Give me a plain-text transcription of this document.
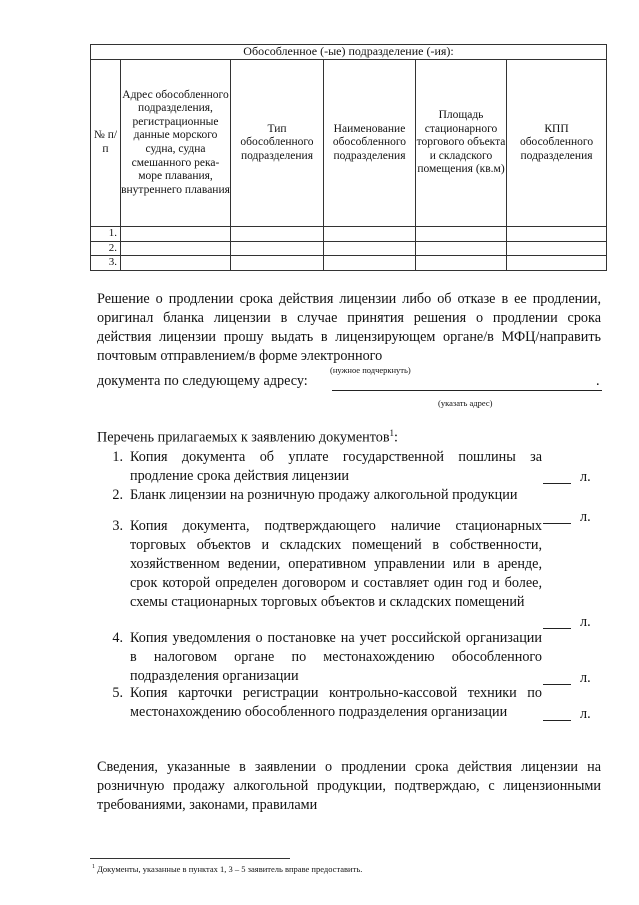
Обособленное (-ые) подразделение (-ия):					
№ п/п	Адрес обособленного подразделения, регистрационные данные морского судна, судна смешанного река-море плавания, внутреннего плавания	Тип обособленного подразделения	Наименование обособленного подразделения	Площадь стационарного торгового объекта и складского помещения (кв.м)	КПП обособленного подразделения
1.					
2.					
3.					
Решение о продлении срока действия лицензии либо об отказе в ее продлении, оригинал бланка лицензии в случае принятия решения о продлении срока действия лицензии прошу выдать в лицензирующем органе/в МФЦ/направить почтовым отправлением/в форме электронного
(нужное подчеркнуть)
документа по следующему адресу:	.
(указать адрес)
Перечень прилагаемых к заявлению документов$^1$:
1. Копия документа об уплате государственной пошлины за продление срока действия лицензии	л.
2. Бланк лицензии на розничную продажу алкогольной продукции
л.
3. Копия документа, подтверждающего наличие стационарных торговых объектов и складских помещений в собственности, хозяйственном ведении, оперативном управлении или в аренде, срок которой определен договором и составляет один год и более, схемы стационарных торговых объектов и складских помещений
л.
4. Копия уведомления о постановке на учет российской организации в налоговом органе по местонахождению обособленного подразделения организации	л.
5. Копия карточки регистрации контрольно-кассовой техники по местонахождению обособленного подразделения организации	л.
Сведения, указанные в заявлении о продлении срока действия лицензии на розничную продажу алкогольной продукции, подтверждаю, с лицензионными требованиями, законами, правилами
$^1$ Документы, указанные в пунктах 1, 3 – 5 заявитель вправе предоставить.
